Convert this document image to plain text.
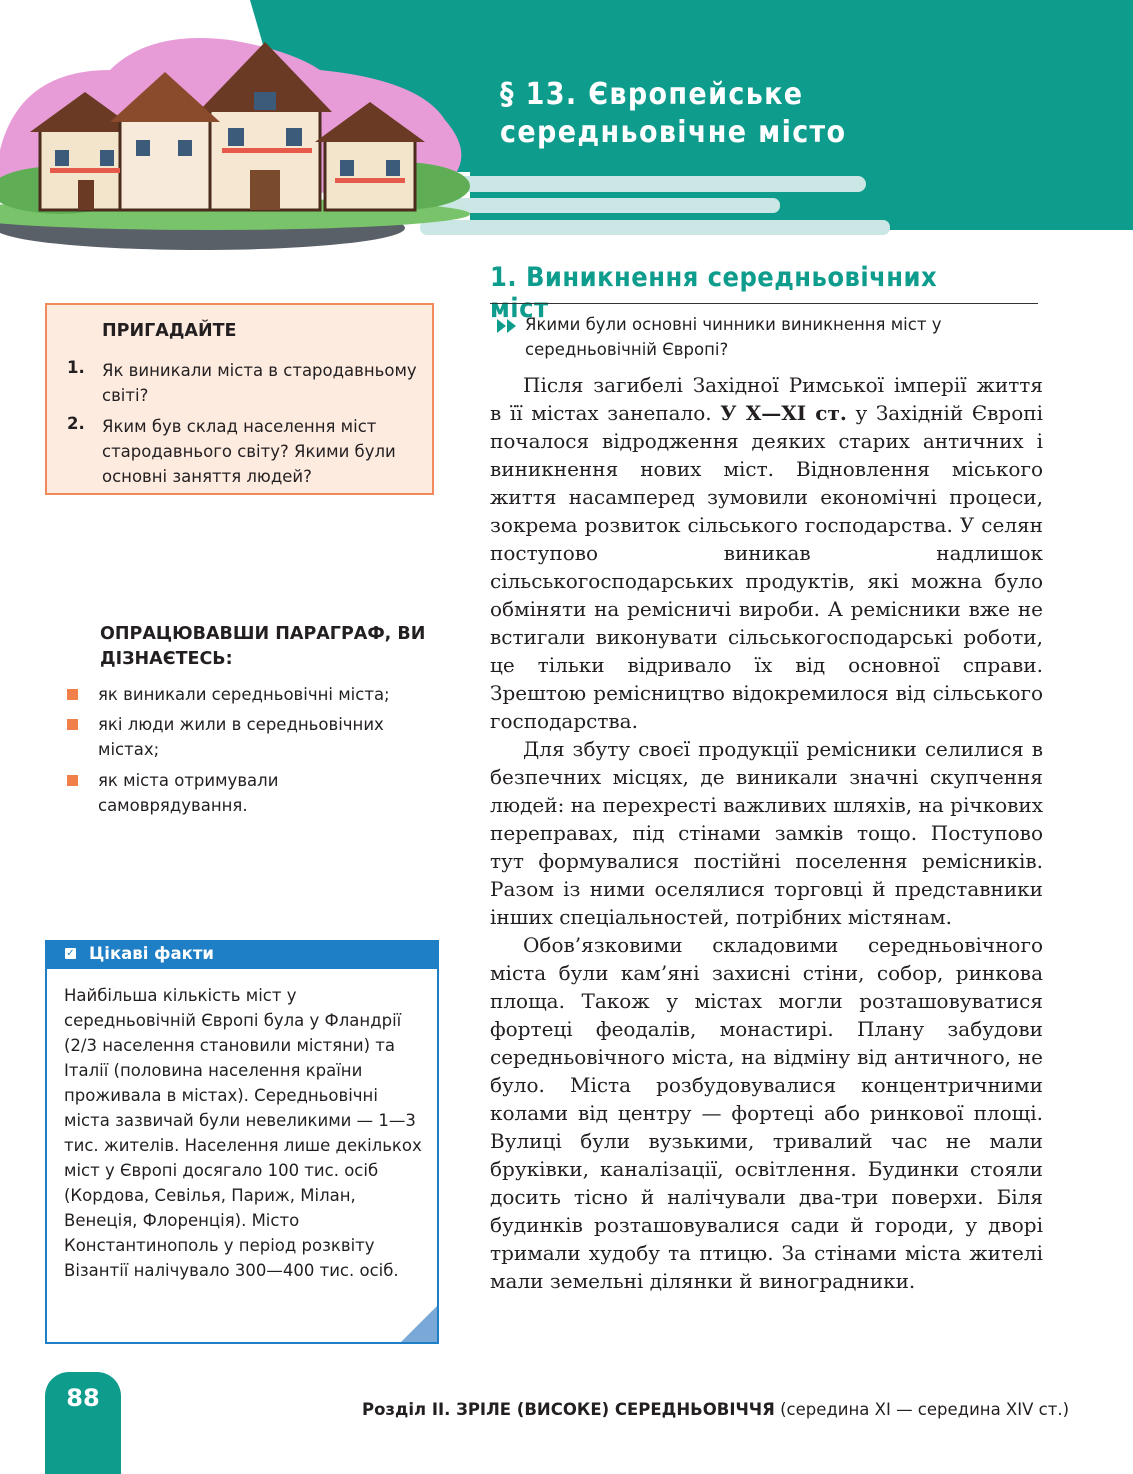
§ 13. Європейське середньовічне місто
1. Виникнення середньовічних міст
Якими були основні чинники виникнення міст у середньовічній Європі?

Після загибелі Західної Римської імперії життя в її містах занепало. У X—XI ст. у Західній Європі почалося відродження деяких старих античних і виникнення нових міст. Відновлення міського життя насамперед зумовили економічні процеси, зокрема розвиток сільського господарства. У селян поступово виникав надлишок сільськогосподарських продуктів, які можна було обміняти на ремісничі вироби. А ремісники вже не встигали виконувати сільськогосподарські роботи, це тільки відривало їх від основної справи. Зрештою ремісництво відокремилося від сільського господарства.

Для збуту своєї продукції ремісники селилися в безпечних місцях, де виникали значні скупчення людей: на перехресті важливих шляхів, на річкових переправах, під стінами замків тощо. Поступово тут формувалися постійні поселення ремісників. Разом із ними оселялися торговці й представники інших спеціальностей, потрібних містянам.

Обов’язковими складовими середньовічного міста були кам’яні захисні стіни, собор, ринкова площа. Також у містах могли розташовуватися фортеці феодалів, монастирі. Плану забудови середньовічного міста, на відміну від античного, не було. Міста розбудовувалися концентричними колами від центру — фортеці або ринкової площі. Вулиці були вузькими, тривалий час не мали бруківки, каналізації, освітлення. Будинки стояли досить тісно й налічували два-три поверхи. Біля будинків розташовувалися сади й городи, у дворі тримали худобу та птицю. За стінами міста жителі мали земельні ділянки й виноградники.

ПРИГАДАЙТЕ
1. Як виникали міста в стародавньому світі?
2. Яким був склад населення міст стародавнього світу? Якими були основні заняття людей?
ОПРАЦЮВАВШИ ПАРАГРАФ, ВИ ДІЗНАЄТЕСЬ:
як виникали середньовічні міста;
які люди жили в середньовічних містах;
як міста отримували самоврядування.
✓ Цікаві факти
Найбільша кількість міст у середньовічній Європі була у Фландрії (2/3 населення становили містяни) та Італії (половина населення країни проживала в містах). Середньовічні міста зазвичай були невеликими — 1—3 тис. жителів. Населення лише декількох міст у Європі досягало 100 тис. осіб (Кордова, Севілья, Париж, Мілан, Венеція, Флоренція). Місто Константинополь у період розквіту Візантії налічувало 300—400 тис. осіб.
88	Розділ ІІ. ЗРІЛЕ (ВИСОКЕ) СЕРЕДНЬОВІЧЧЯ (середина XI — середина XIV ст.)
